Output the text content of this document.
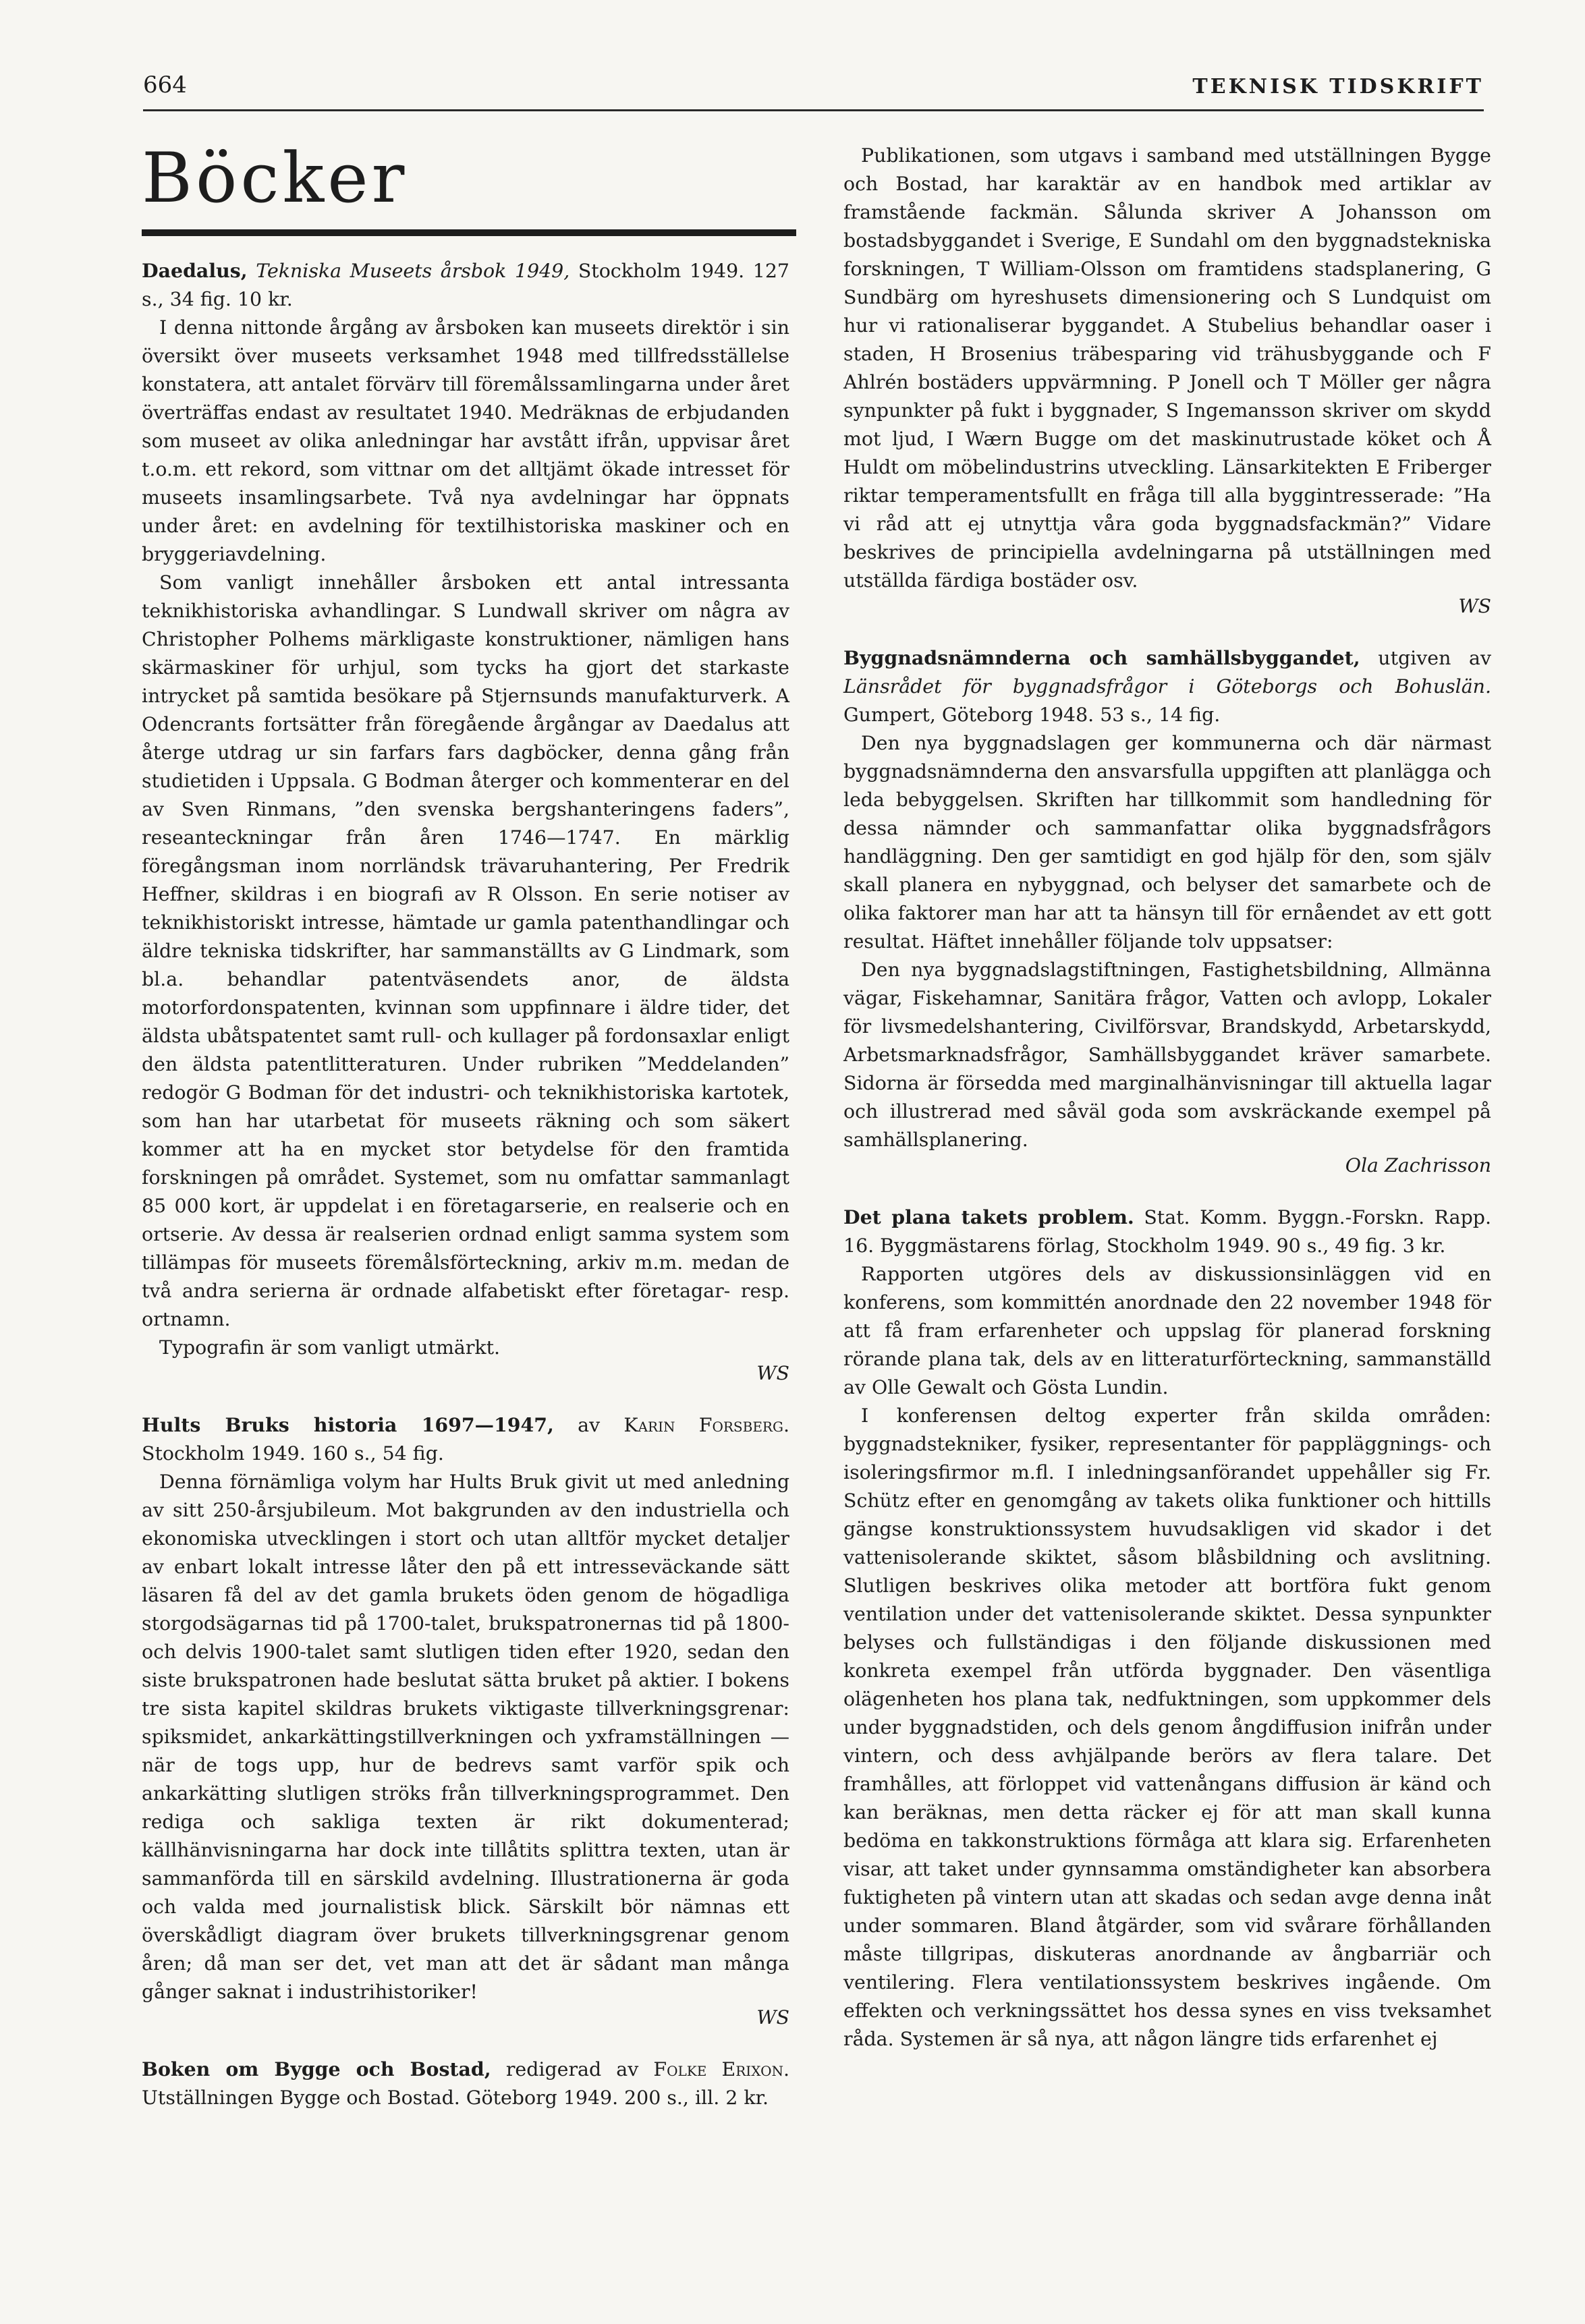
664	TEKNISK TIDSKRIFT
Böcker

Daedalus, Tekniska Museets årsbok 1949, Stockholm 1949. 127 s., 34 fig. 10 kr.

I denna nittonde årgång av årsboken kan museets direktör i sin översikt över museets verksamhet 1948 med tillfredsställelse konstatera, att antalet förvärv till föremålssamlingarna under året överträffas endast av resultatet 1940. Medräknas de erbjudanden som museet av olika anledningar har avstått ifrån, uppvisar året t.o.m. ett rekord, som vittnar om det alltjämt ökade intresset för museets insamlingsarbete. Två nya avdelningar har öppnats under året: en avdelning för textilhistoriska maskiner och en bryggeriavdelning.

Som vanligt innehåller årsboken ett antal intressanta teknikhistoriska avhandlingar. S Lundwall skriver om några av Christopher Polhems märkligaste konstruktioner, nämligen hans skärmaskiner för urhjul, som tycks ha gjort det starkaste intrycket på samtida besökare på Stjernsunds manufakturverk. A Odencrants fortsätter från föregående årgångar av Daedalus att återge utdrag ur sin farfars fars dagböcker, denna gång från studietiden i Uppsala. G Bodman återger och kommenterar en del av Sven Rinmans, ”den svenska bergshanteringens faders”, reseanteckningar från åren 1746—1747. En märklig föregångsman inom norrländsk trävaruhantering, Per Fredrik Heffner, skildras i en biografi av R Olsson. En serie notiser av teknikhistoriskt intresse, hämtade ur gamla patenthandlingar och äldre tekniska tidskrifter, har sammanställts av G Lindmark, som bl.a. behandlar patentväsendets anor, de äldsta motorfordonspatenten, kvinnan som uppfinnare i äldre tider, det äldsta ubåtspatentet samt rull- och kullager på fordonsaxlar enligt den äldsta patentlitteraturen. Under rubriken ”Meddelanden” redogör G Bodman för det industri- och teknikhistoriska kartotek, som han har utarbetat för museets räkning och som säkert kommer att ha en mycket stor betydelse för den framtida forskningen på området. Systemet, som nu omfattar sammanlagt 85 000 kort, är uppdelat i en företagarserie, en realserie och en ortserie. Av dessa är realserien ordnad enligt samma system som tillämpas för museets föremålsförteckning, arkiv m.m. medan de två andra serierna är ordnade alfabetiskt efter företagar- resp. ortnamn.

Typografin är som vanligt utmärkt.

WS

Hults Bruks historia 1697—1947, av Karin Forsberg. Stockholm 1949. 160 s., 54 fig.

Denna förnämliga volym har Hults Bruk givit ut med anledning av sitt 250-årsjubileum. Mot bakgrunden av den industriella och ekonomiska utvecklingen i stort och utan alltför mycket detaljer av enbart lokalt intresse låter den på ett intresseväckande sätt läsaren få del av det gamla brukets öden genom de högadliga storgodsägarnas tid på 1700-talet, brukspatronernas tid på 1800-och delvis 1900-talet samt slutligen tiden efter 1920, sedan den siste brukspatronen hade beslutat sätta bruket på aktier. I bokens tre sista kapitel skildras brukets viktigaste tillverkningsgrenar: spiksmidet, ankarkättingstillverkningen och yxframställningen — när de togs upp, hur de bedrevs samt varför spik och ankarkätting slutligen ströks från tillverkningsprogrammet. Den rediga och sakliga texten är rikt dokumenterad; källhänvisningarna har dock inte tillåtits splittra texten, utan är sammanförda till en särskild avdelning. Illustrationerna är goda och valda med journalistisk blick. Särskilt bör nämnas ett överskådligt diagram över brukets tillverkningsgrenar genom åren; då man ser det, vet man att det är sådant man många gånger saknat i industrihistoriker!

WS

Boken om Bygge och Bostad, redigerad av Folke Erixon. Utställningen Bygge och Bostad. Göteborg 1949. 200 s., ill. 2 kr.

Publikationen, som utgavs i samband med utställningen Bygge och Bostad, har karaktär av en handbok med artiklar av framstående fackmän. Sålunda skriver A Johansson om bostadsbyggandet i Sverige, E Sundahl om den byggnadstekniska forskningen, T William-Olsson om framtidens stadsplanering, G Sundbärg om hyreshusets dimensionering och S Lundquist om hur vi rationaliserar byggandet. A Stubelius behandlar oaser i staden, H Brosenius träbesparing vid trähusbyggande och F Ahlrén bostäders uppvärmning. P Jonell och T Möller ger några synpunkter på fukt i byggnader, S Ingemansson skriver om skydd mot ljud, I Wærn Bugge om det maskinutrustade köket och Å Huldt om möbelindustrins utveckling. Länsarkitekten E Friberger riktar temperamentsfullt en fråga till alla byggintresserade: ”Ha vi råd att ej utnyttja våra goda byggnadsfackmän?” Vidare beskrives de principiella avdelningarna på utställningen med utställda färdiga bostäder osv.

WS

Byggnadsnämnderna och samhällsbyggandet, utgiven av Länsrådet för byggnadsfrågor i Göteborgs och Bohuslän. Gumpert, Göteborg 1948. 53 s., 14 fig.

Den nya byggnadslagen ger kommunerna och där närmast byggnadsnämnderna den ansvarsfulla uppgiften att planlägga och leda bebyggelsen. Skriften har tillkommit som handledning för dessa nämnder och sammanfattar olika byggnadsfrågors handläggning. Den ger samtidigt en god hjälp för den, som själv skall planera en nybyggnad, och belyser det samarbete och de olika faktorer man har att ta hänsyn till för ernåendet av ett gott resultat. Häftet innehåller följande tolv uppsatser:

Den nya byggnadslagstiftningen, Fastighetsbildning, Allmänna vägar, Fiskehamnar, Sanitära frågor, Vatten och avlopp, Lokaler för livsmedelshantering, Civilförsvar, Brandskydd, Arbetarskydd, Arbetsmarknadsfrågor, Samhällsbyggandet kräver samarbete. Sidorna är försedda med marginalhänvisningar till aktuella lagar och illustrerad med såväl goda som avskräckande exempel på samhällsplanering.

Ola Zachrisson

Det plana takets problem. Stat. Komm. Byggn.-Forskn. Rapp. 16. Byggmästarens förlag, Stockholm 1949. 90 s., 49 fig. 3 kr.

Rapporten utgöres dels av diskussionsinläggen vid en konferens, som kommittén anordnade den 22 november 1948 för att få fram erfarenheter och uppslag för planerad forskning rörande plana tak, dels av en litteraturförteckning, sammanställd av Olle Gewalt och Gösta Lundin.

I konferensen deltog experter från skilda områden: byggnadstekniker, fysiker, representanter för pappläggnings- och isoleringsfirmor m.fl. I inledningsanförandet uppehåller sig Fr. Schütz efter en genomgång av takets olika funktioner och hittills gängse konstruktionssystem huvudsakligen vid skador i det vattenisolerande skiktet, såsom blåsbildning och avslitning. Slutligen beskrives olika metoder att bortföra fukt genom ventilation under det vattenisolerande skiktet. Dessa synpunkter belyses och fullständigas i den följande diskussionen med konkreta exempel från utförda byggnader. Den väsentliga olägenheten hos plana tak, nedfuktningen, som uppkommer dels under byggnadstiden, och dels genom ångdiffusion inifrån under vintern, och dess avhjälpande berörs av flera talare. Det framhålles, att förloppet vid vattenångans diffusion är känd och kan beräknas, men detta räcker ej för att man skall kunna bedöma en takkonstruktions förmåga att klara sig. Erfarenheten visar, att taket under gynnsamma omständigheter kan absorbera fuktigheten på vintern utan att skadas och sedan avge denna inåt under sommaren. Bland åtgärder, som vid svårare förhållanden måste tillgripas, diskuteras anordnande av ångbarriär och ventilering. Flera ventilationssystem beskrives ingående. Om effekten och verkningssättet hos dessa synes en viss tveksamhet råda. Systemen är så nya, att någon längre tids erfarenhet ej
